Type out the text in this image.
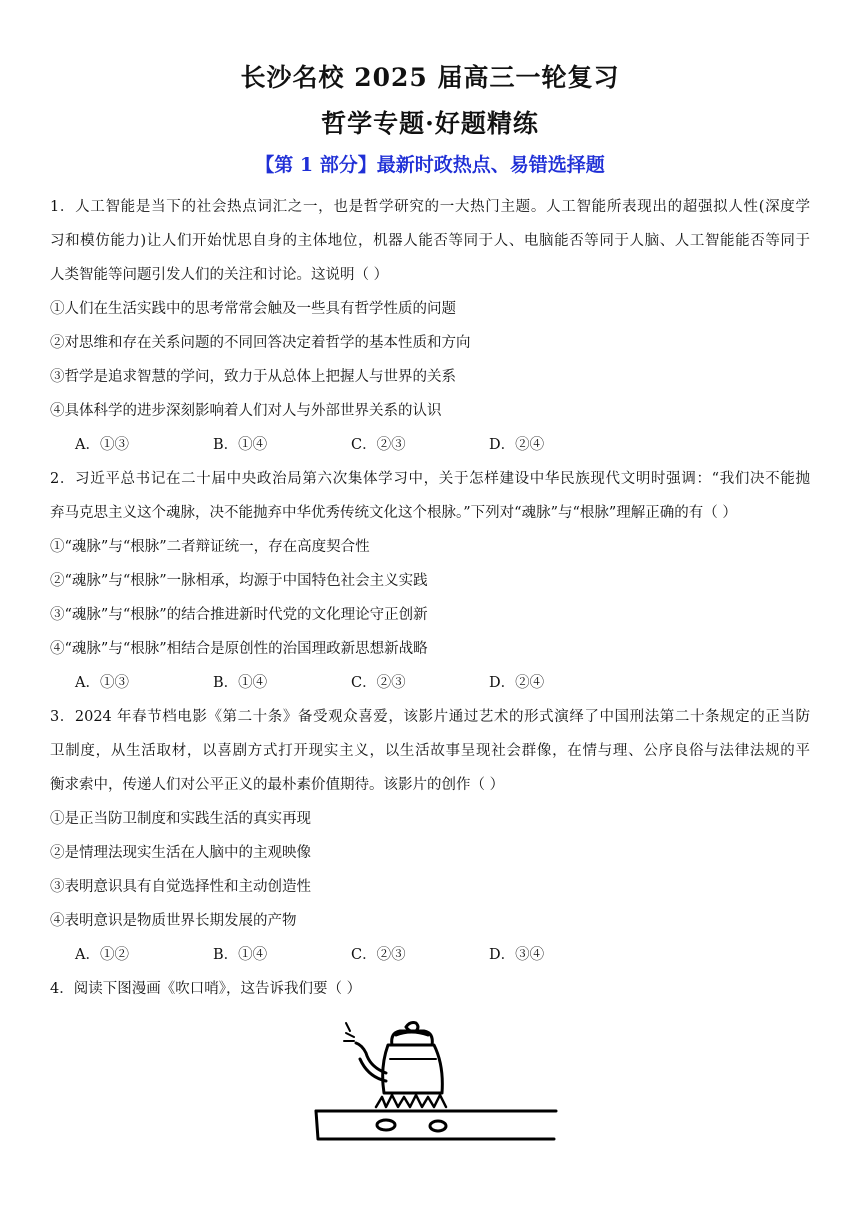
长沙名校 2025 届高三一轮复习
哲学专题·好题精练
【第 1 部分】最新时政热点、易错选择题
1．人工智能是当下的社会热点词汇之一，也是哲学研究的一大热门主题。人工智能所表现出的超强拟人性(深度学
习和模仿能力)让人们开始忧思自身的主体地位，机器人能否等同于人、电脑能否等同于人脑、人工智能能否等同于
人类智能等问题引发人们的关注和讨论。这说明（ ）
①人们在生活实践中的思考常常会触及一些具有哲学性质的问题
②对思维和存在关系问题的不同回答决定着哲学的基本性质和方向
③哲学是追求智慧的学问，致力于从总体上把握人与世界的关系
④具体科学的进步深刻影响着人们对人与外部世界关系的认识
A．①③	B．①④	C．②③	D．②④
2．习近平总书记在二十届中央政治局第六次集体学习中，关于怎样建设中华民族现代文明时强调：“我们决不能抛
弃马克思主义这个魂脉，决不能抛弃中华优秀传统文化这个根脉。”下列对“魂脉”与“根脉”理解正确的有（ ）
①“魂脉”与“根脉”二者辩证统一，存在高度契合性
②“魂脉”与“根脉”一脉相承，均源于中国特色社会主义实践
③“魂脉”与“根脉”的结合推进新时代党的文化理论守正创新
④“魂脉”与“根脉”相结合是原创性的治国理政新思想新战略
A．①③	B．①④	C．②③	D．②④
3．2024 年春节档电影《第二十条》备受观众喜爱，该影片通过艺术的形式演绎了中国刑法第二十条规定的正当防
卫制度，从生活取材，以喜剧方式打开现实主义，以生活故事呈现社会群像，在情与理、公序良俗与法律法规的平
衡求索中，传递人们对公平正义的最朴素价值期待。该影片的创作（ ）
①是正当防卫制度和实践生活的真实再现
②是情理法现实生活在人脑中的主观映像
③表明意识具有自觉选择性和主动创造性
④表明意识是物质世界长期发展的产物
A．①②	B．①④	C．②③	D．③④
4．阅读下图漫画《吹口哨》，这告诉我们要（ ）
